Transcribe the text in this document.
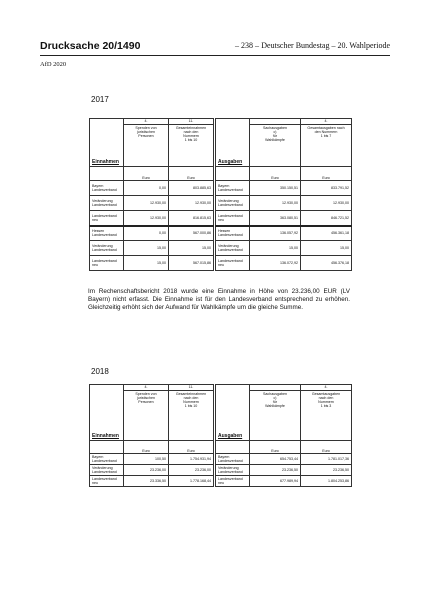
Drucksache 20/1490	– 238 – Deutscher Bundestag – 20. Wahlperiode
AfD 2020
2017
Einnahmen	4.	11.
	Spenden von
juristischen
Personen	Gesamteinnahmen
nach den
Nummern
1 bis 10
	Euro	Euro
Bayern
Landesverband	0,00	803.885,63
Veränderung
Landesverband	12.930,00	12.930,00
Landesverband
neu	12.930,00	816.815,63
Hessen
Landesverband	0,00	567.000,86
Veränderung
Landesverband	15,00	15,00
Landesverband
neu	15,00	567.015,86
Ausgaben		4.
	Sachausgaben
c)
für
Wahlkämpfe	Gesamtausgaben nach
den Nummern
1 bis 7
	Euro	Euro
Bayern
Landesverband	350.150,51	833.791,52
Veränderung
Landesverband	12.930,00	12.930,00
Landesverband
neu	363.080,51	846.721,52
Hessen
Landesverband	136.057,92	456.361,18
Veränderung
Landesverband	15,00	15,00
Landesverband
neu	136.072,92	456.376,18

Im Rechenschaftsbericht 2018 wurde eine Einnahme in Höhe von 23.236,00 EUR (LV Bayern) nicht erfasst. Die Einnahme ist für den Landesverband entsprechend zu erhöhen. Gleichzeitig erhöht sich der Aufwand für Wahlkämpfe um die gleiche Summe.

2018
Einnahmen	4.	11.
	Spenden von
juristischen
Personen	Gesamteinnahmen
nach den
Nummern
1 bis 10
	Euro	Euro
Bayern
Landesverband	100,50	1.754.931,94
Veränderung
Landesverband	23.236,00	23.236,00
Landesverband
neu	23.336,50	1.778.168,44
Ausgaben		4.
	Sachausgaben
c)
für
Wahlkämpfe	Gesamtausgaben
nach den
Nummern
1 bis 3
	Euro	Euro
Bayern
Landesverband	654.753,44	1.781.017,36
Veränderung
Landesverband	23.236,50	23.236,50
Landesverband
neu	677.989,94	1.804.253,86
